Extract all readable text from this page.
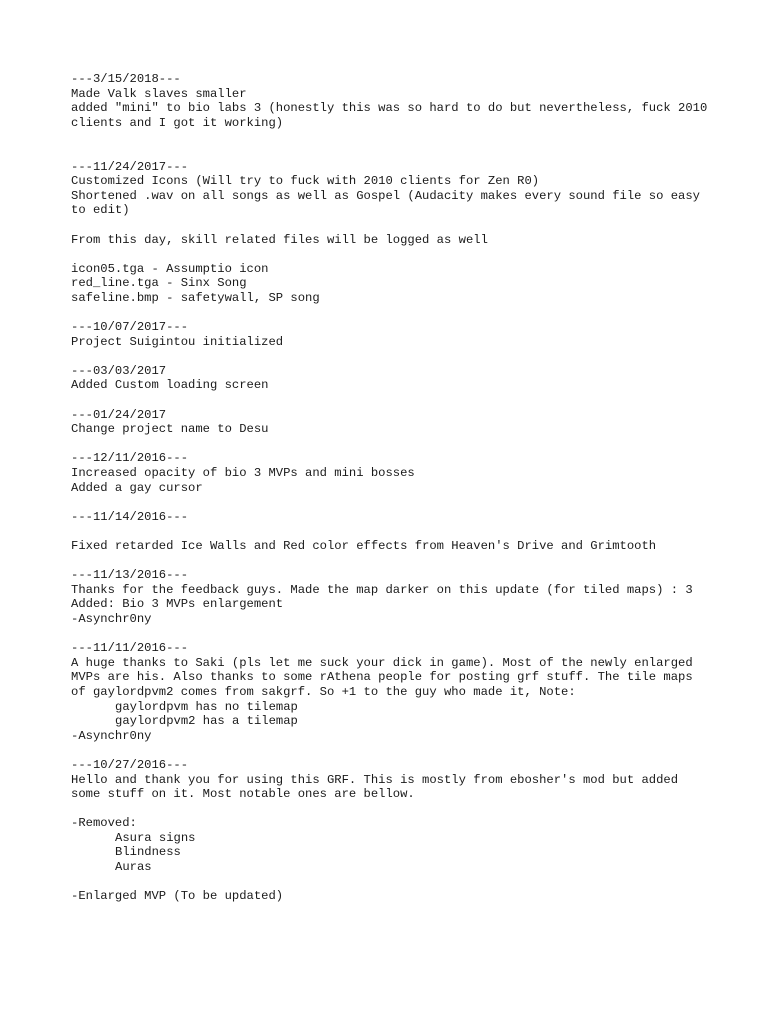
---3/15/2018---
Made Valk slaves smaller
added "mini" to bio labs 3 (honestly this was so hard to do but nevertheless, fuck 2010 clients and I got it working)
---11/24/2017---
Customized Icons (Will try to fuck with 2010 clients for Zen R0)
Shortened .wav on all songs as well as Gospel (Audacity makes every sound file so easy to edit)
From this day, skill related files will be logged as well
icon05.tga - Assumptio icon
red_line.tga - Sinx Song
safeline.bmp - safetywall, SP song
---10/07/2017---
Project Suigintou initialized
---03/03/2017
Added Custom loading screen
---01/24/2017
Change project name to Desu
---12/11/2016---
Increased opacity of bio 3 MVPs and mini bosses
Added a gay cursor
---11/14/2016---
Fixed retarded Ice Walls and Red color effects from Heaven's Drive and Grimtooth
---11/13/2016---
Thanks for the feedback guys. Made the map darker on this update (for tiled maps) : 3
Added: Bio 3 MVPs enlargement
-Asynchr0ny
---11/11/2016---
A huge thanks to Saki (pls let me suck your dick in game). Most of the newly enlarged MVPs are his. Also thanks to some rAthena people for posting grf stuff. The tile maps of gaylordpvm2 comes from sakgrf. So +1 to the guy who made it, Note:
gaylordpvm has no tilemap
gaylordpvm2 has a tilemap
-Asynchr0ny
---10/27/2016---
Hello and thank you for using this GRF. This is mostly from ebosher's mod but added some stuff on it. Most notable ones are bellow.
-Removed:
Asura signs
Blindness
Auras
-Enlarged MVP (To be updated)
